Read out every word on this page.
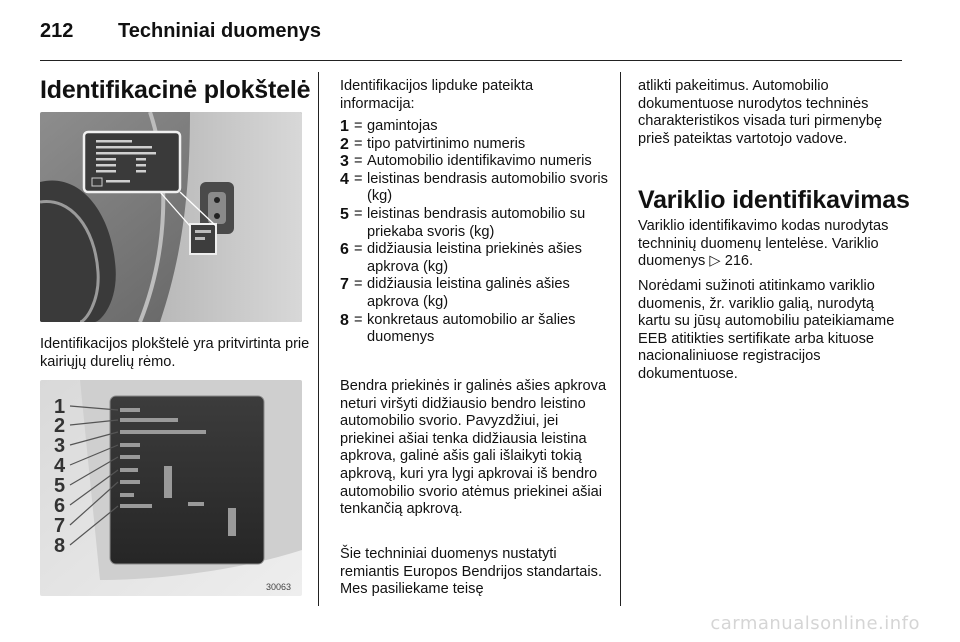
212 Techniniai duomenys
Identifikacinė plokštelė
Identifikacijos plokštelė yra pritvirtinta prie kairiųjų durelių rėmo.
1
2
3
4
5
6
7
8
30063
Identifikacijos lipduke pateikta informacija:
1 = gamintojas
2 = tipo patvirtinimo numeris
3 = Automobilio identifikavimo numeris
4 = leistinas bendrasis automobilio svoris (kg)
5 = leistinas bendrasis automobilio su priekaba svoris (kg)
6 = didžiausia leistina priekinės ašies apkrova (kg)
7 = didžiausia leistina galinės ašies apkrova (kg)
8 = konkretaus automobilio ar šalies duomenys
Bendra priekinės ir galinės ašies apkrova neturi viršyti didžiausio bendro leistino automobilio svorio. Pavyzdžiui, jei priekinei ašiai tenka didžiausia leistina apkrova, galinė ašis gali išlaikyti tokią apkrovą, kuri yra lygi apkrovai iš bendro automobilio svorio atėmus priekinei ašiai tenkančią apkrovą.
Šie techniniai duomenys nustatyti remiantis Europos Bendrijos standartais. Mes pasiliekame teisę
atlikti pakeitimus. Automobilio dokumentuose nurodytos techninės charakteristikos visada turi pirmenybę prieš pateiktas vartotojo vadove.
Variklio identifikavimas
Variklio identifikavimo kodas nurodytas techninių duomenų lentelėse. Variklio duomenys ▷ 216.
Norėdami sužinoti atitinkamo variklio duomenis, žr. variklio galią, nurodytą kartu su jūsų automobiliu pateikiamame EEB atitikties sertifikate arba kituose nacionaliniuose registracijos dokumentuose.
carmanualsonline.info
